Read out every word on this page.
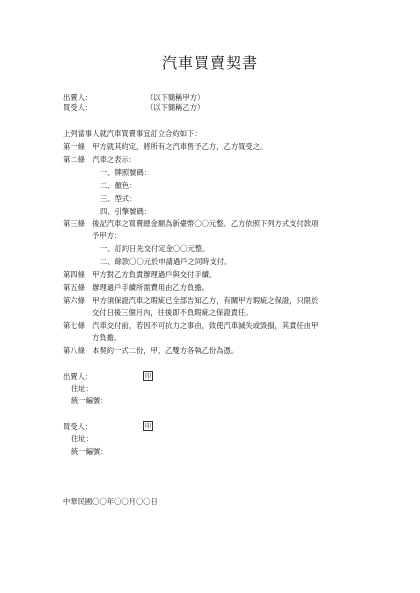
汽車買賣契書
出賣人：	（以下簡稱甲方）
買受人：	（以下簡稱乙方）
上列當事人就汽車買賣事宜訂立合約如下：
第一條　甲方就其約定，將所有之汽車售予乙方，乙方買受之。
第二條　汽車之表示：
一、牌照號碼：
二、顏色：
三、型式：
四、引擎號碼：
第三條　後記汽車之買賣總金額為新臺幣〇〇元整。乙方依照下列方式支付款項
予甲方：
一、訂約日先交付定金〇〇元整。
二、餘款〇〇元於申請過戶之同時支付。
第四條　甲方對乙方負責辦理過戶與交付手續。
第五條　辦理過戶手續所需費用由乙方負擔。
第六條　甲方須保證汽車之瑕疵已全部告知乙方，有關甲方瑕疵之保證，只限於
交付日後三個月內，往後即不負瑕疵之保證責任。
第七條　汽車交付前，若因不可抗力之事由，致使汽車滅失或毀損，其責任由甲
方負擔。
第八條　本契約一式二份，甲、乙雙方各執乙份為憑。
出賣人：	印
住址：
統一編號：
買受人：	印
住址：
統一編號：
中華民國〇〇年〇〇月〇〇日
